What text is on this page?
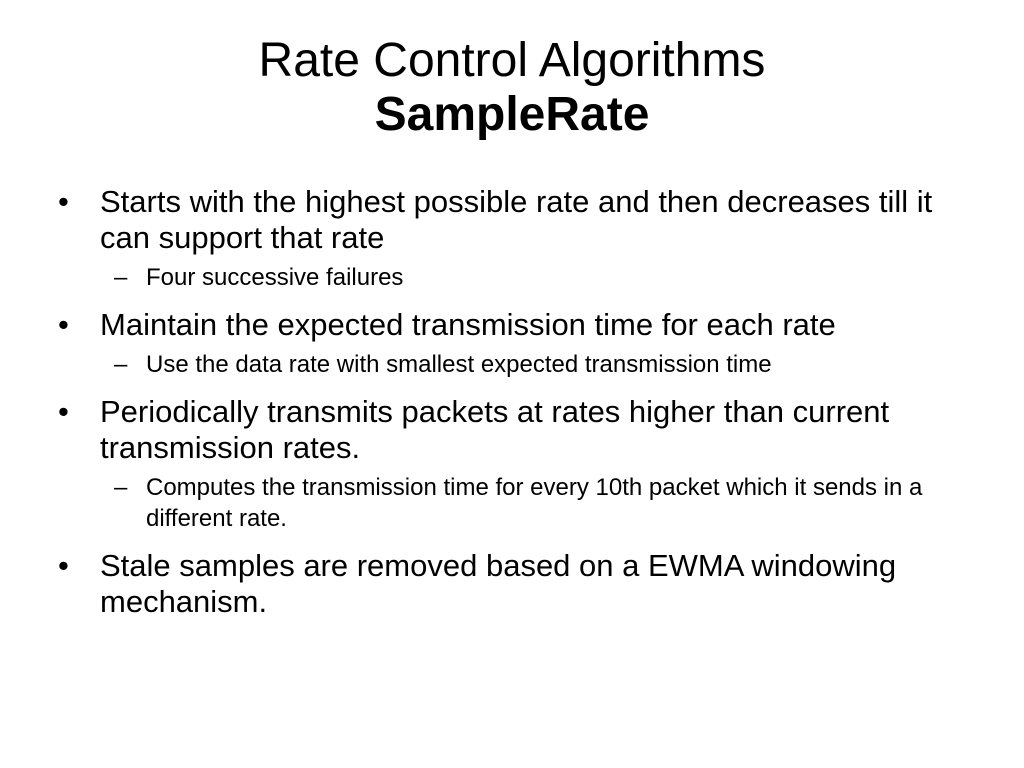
Rate Control Algorithms
SampleRate
•	Starts with the highest possible rate and then decreases till it can support that rate
– Four successive failures
•	Maintain the expected transmission time for each rate
– Use the data rate with smallest expected transmission time
•	Periodically transmits packets at rates higher than current transmission rates.
– Computes the transmission time for every 10th packet which it sends in a different rate.
•	Stale samples are removed based on a EWMA windowing mechanism.
